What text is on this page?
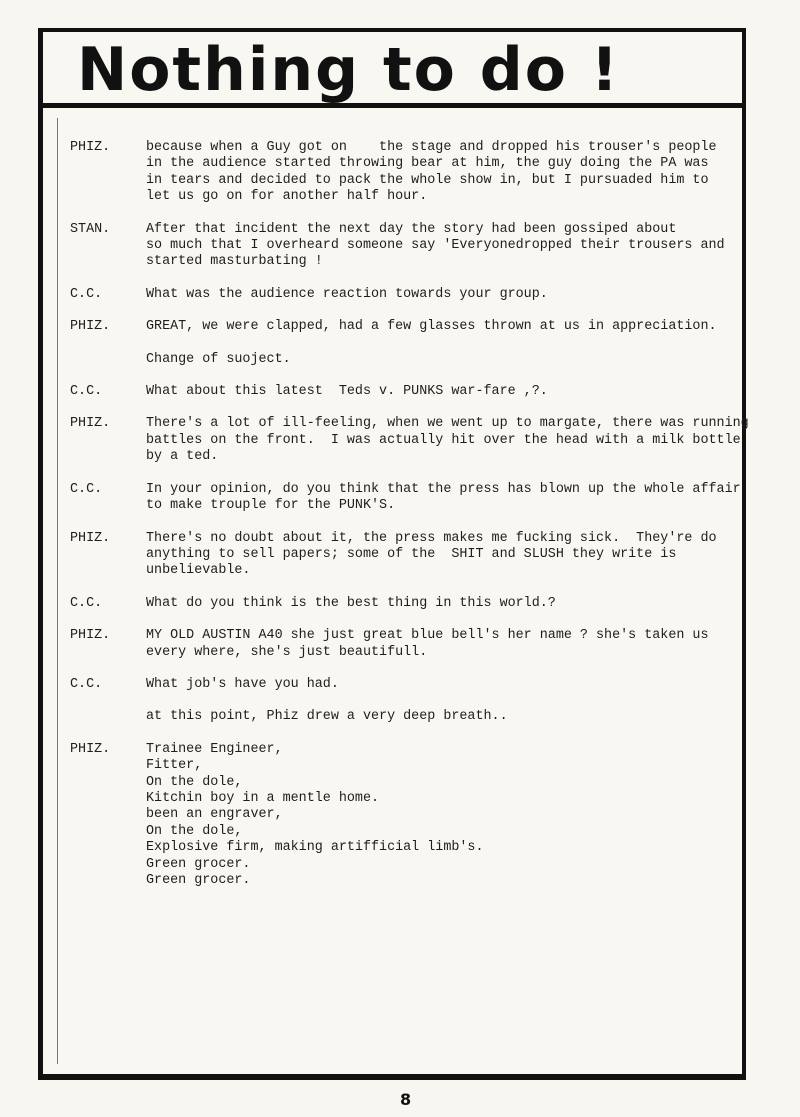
Nothing to do !
PHIZ.	because when a Guy got on    the stage and dropped his trouser's people
in the audience started throwing bear at him, the guy doing the PA was
in tears and decided to pack the whole show in, but I pursuaded him to
let us go on for another half hour.
STAN.	After that incident the next day the story had been gossiped about
so much that I overheard someone say 'Everyonedropped their trousers and
started masturbating !
C.C.	What was the audience reaction towards your group.
PHIZ.	GREAT, we were clapped, had a few glasses thrown at us in appreciation.
Change of suoject.
C.C.	What about this latest  Teds v. PUNKS war-fare ,?.
PHIZ.	There's a lot of ill-feeling, when we went up to margate, there was running
battles on the front.  I was actually hit over the head with a milk bottle
by a ted.
C.C.	In your opinion, do you think that the press has blown up the whole affair
to make trouple for the PUNK'S.
PHIZ.	There's no doubt about it, the press makes me fucking sick.  They're do
anything to sell papers; some of the  SHIT and SLUSH they write is
unbelievable.
C.C.	What do you think is the best thing in this world.?
PHIZ.	MY OLD AUSTIN A40 she just great blue bell's her name ? she's taken us
every where, she's just beautifull.
C.C.	What job's have you had.
at this point, Phiz drew a very deep breath..
PHIZ.	Trainee Engineer,
Fitter,
On the dole,
Kitchin boy in a mentle home.
been an engraver,
On the dole,
Explosive firm, making artifficial limb's.
Green grocer.
Green grocer.
8
